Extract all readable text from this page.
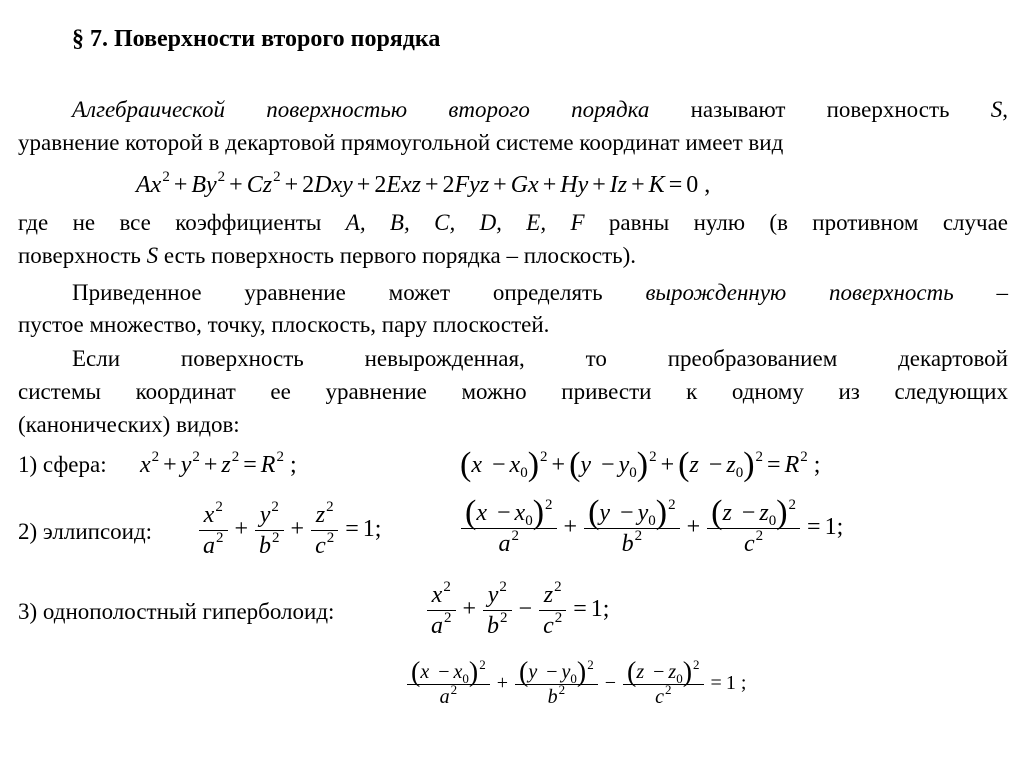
§ 7. Поверхности второго порядка
Алгебраической поверхностью второго порядка называют поверхность S,
уравнение которой в декартовой прямоугольной системе координат имеет вид
$Ax^2 + By^2 + Cz^2 + 2Dxy + 2Exz + 2Fyz + Gx + Hy + Iz + K = 0$ ,
где не все коэффициенты A, B, C, D, E, F равны нулю (в противном случае
поверхность S есть поверхность первого порядка – плоскость).
Приведенное уравнение может определять вырожденную поверхность –
пустое множество, точку, плоскость, пару плоскостей.
Если поверхность невырожденная, то преобразованием декартовой
системы координат ее уравнение можно привести к одному из следующих
(канонических) видов:
1) сфера: $x^2 + y^2 + z^2 = R^2$ ;	$(x - x_0)^2 + (y - y_0)^2 + (z - z_0)^2 = R^2$ ;
2) эллипсоид: $\frac{x^2}{a^2} + \frac{y^2}{b^2} + \frac{z^2}{c^2} = 1$; $\frac{(x - x_0)^2}{a^2} + \frac{(y - y_0)^2}{b^2} + \frac{(z - z_0)^2}{c^2} = 1$;
3) однополостный гиперболоид:	$\frac{x^2}{a^2} + \frac{y^2}{b^2} - \frac{z^2}{c^2} = 1$;
$\frac{(x - x_0)^2}{a^2} + \frac{(y - y_0)^2}{b^2} - \frac{(z - z_0)^2}{c^2} = 1$ ;
